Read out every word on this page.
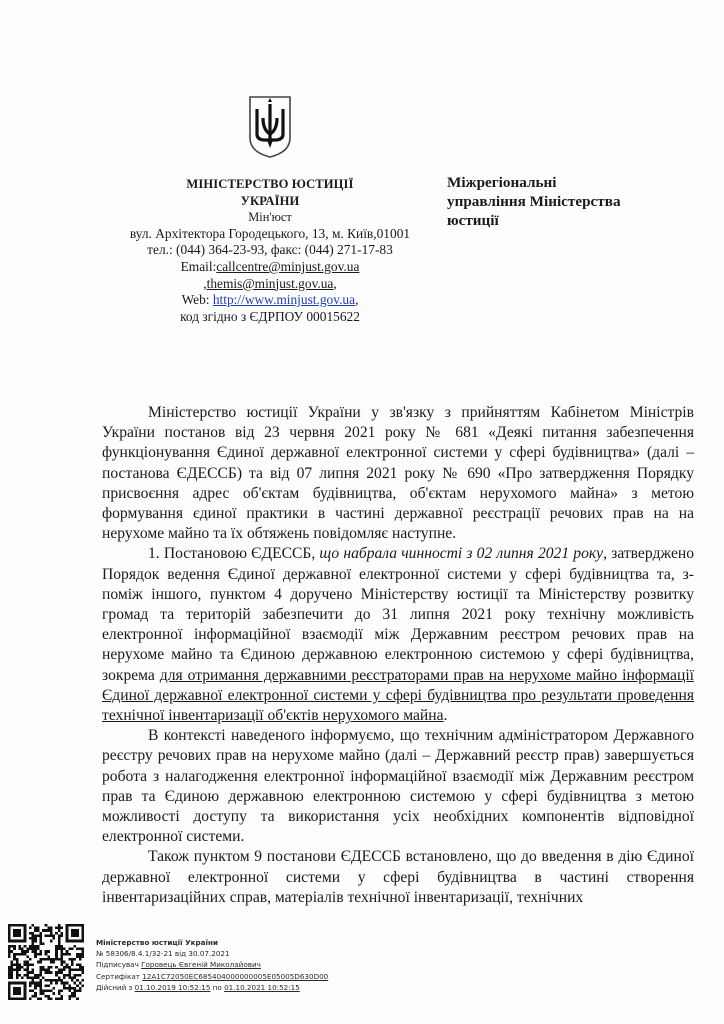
МІНІСТЕРСТВО ЮСТИЦІЇ
УКРАЇНИ
Мін'юст
вул. Архітектора Городецького, 13, м. Київ,01001
тел.: (044) 364-23-93, факс: (044) 271-17-83
Email:callcentre@minjust.gov.ua
,themis@minjust.gov.ua,
Web: http://www.minjust.gov.ua,
код згідно з ЄДРПОУ 00015622
Міжрегіональні
управління Міністерства
юстиції

Міністерство юстиції України у зв'язку з прийняттям Кабінетом Міністрів України постанов від 23 червня 2021 року № 681 «Деякі питання забезпечення функціонування Єдиної державної електронної системи у сфері будівництва» (далі – постанова ЄДЕССБ) та від 07 липня 2021 року № 690 «Про затвердження Порядку присвоєння адрес об'єктам будівництва, об'єктам нерухомого майна» з метою формування єдиної практики в частині державної реєстрації речових прав на на нерухоме майно та їх обтяжень повідомляє наступне.

1. Постановою ЄДЕССБ, що набрала чинності з 02 липня 2021 року, затверджено Порядок ведення Єдиної державної електронної системи у сфері будівництва та, з-поміж іншого, пунктом 4 доручено Міністерству юстиції та Міністерству розвитку громад та територій забезпечити до 31 липня 2021 року технічну можливість електронної інформаційної взаємодії між Державним реєстром речових прав на нерухоме майно та Єдиною державною електронною системою у сфері будівництва, зокрема для отримання державними реєстраторами прав на нерухоме майно інформації Єдиної державної електронної системи у сфері будівництва про результати проведення технічної інвентаризації об'єктів нерухомого майна.

В контексті наведеного інформуємо, що технічним адміністратором Державного реєстру речових прав на нерухоме майно (далі – Державний реєстр прав) завершується робота з налагодження електронної інформаційної взаємодії між Державним реєстром прав та Єдиною державною електронною системою у сфері будівництва з метою можливості доступу та використання усіх необхідних компонентів відповідної електронної системи.

Також пунктом 9 постанови ЄДЕССБ встановлено, що до введення в дію Єдиної державної електронної системи у сфері будівництва в частині створення інвентаризаційних справ, матеріалів технічної інвентаризації, технічних

Міністерство юстиції України
№ 58306/8.4.1/32-21 від 30.07.2021
Підписувач Горовець Євгеній Миколайович
Сертифікат 12A1C72050EC685404000000005E05005D630D00
Дійсний з 01.10.2019 10:52:15 по 01.10.2021 10:52:15
